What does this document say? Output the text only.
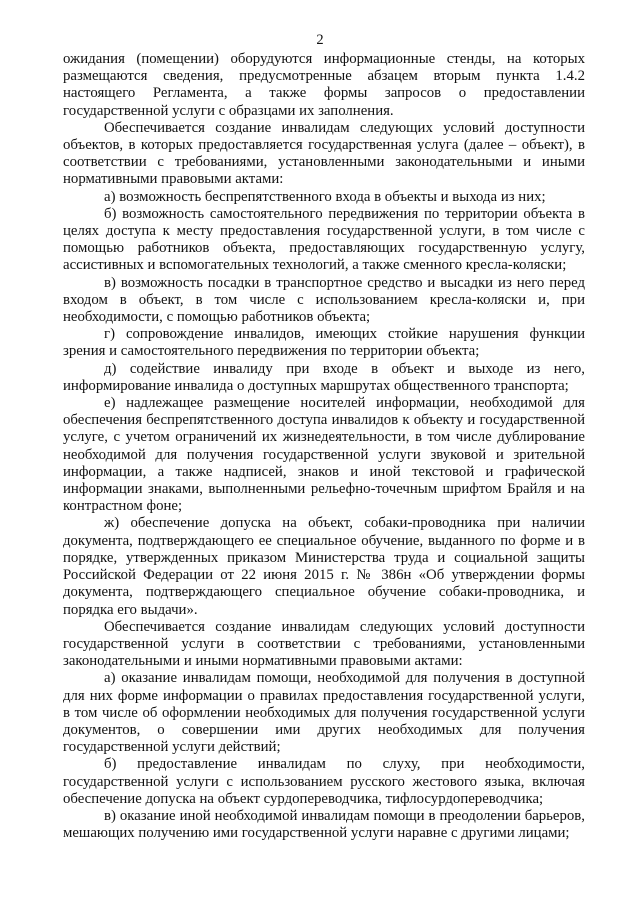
2

ожидания (помещении) оборудуются информационные стенды, на которых размещаются сведения, предусмотренные абзацем вторым пункта 1.4.2 настоящего Регламента, а также формы запросов о предоставлении государственной услуги с образцами их заполнения.

Обеспечивается создание инвалидам следующих условий доступности объектов, в которых предоставляется государственная услуга (далее – объект), в соответствии с требованиями, установленными законодательными и иными нормативными правовыми актами:

а) возможность беспрепятственного входа в объекты и выхода из них;

б) возможность самостоятельного передвижения по территории объекта в целях доступа к месту предоставления государственной услуги, в том числе с помощью работников объекта, предоставляющих государственную услугу, ассистивных и вспомогательных технологий, а также сменного кресла-коляски;

в) возможность посадки в транспортное средство и высадки из него перед входом в объект, в том числе с использованием кресла-коляски и, при необходимости, с помощью работников объекта;

г) сопровождение инвалидов, имеющих стойкие нарушения функции зрения и самостоятельного передвижения по территории объекта;

д) содействие инвалиду при входе в объект и выходе из него, информирование инвалида о доступных маршрутах общественного транспорта;

е) надлежащее размещение носителей информации, необходимой для обеспечения беспрепятственного доступа инвалидов к объекту и государственной услуге, с учетом ограничений их жизнедеятельности, в том числе дублирование необходимой для получения государственной услуги звуковой и зрительной информации, а также надписей, знаков и иной текстовой и графической информации знаками, выполненными рельефно-точечным шрифтом Брайля и на контрастном фоне;

ж) обеспечение допуска на объект, собаки-проводника при наличии документа, подтверждающего ее специальное обучение, выданного по форме и в порядке, утвержденных приказом Министерства труда и социальной защиты Российской Федерации от 22 июня 2015 г. № 386н «Об утверждении формы документа, подтверждающего специальное обучение собаки-проводника, и порядка его выдачи».

Обеспечивается создание инвалидам следующих условий доступности государственной услуги в соответствии с требованиями, установленными законодательными и иными нормативными правовыми актами:

а) оказание инвалидам помощи, необходимой для получения в доступной для них форме информации о правилах предоставления государственной услуги, в том числе об оформлении необходимых для получения государственной услуги документов, о совершении ими других необходимых для получения государственной услуги действий;

б) предоставление инвалидам по слуху, при необходимости, государственной услуги с использованием русского жестового языка, включая обеспечение допуска на объект сурдопереводчика, тифлосурдопереводчика;

в) оказание иной необходимой инвалидам помощи в преодолении барьеров, мешающих получению ими государственной услуги наравне с другими лицами;
